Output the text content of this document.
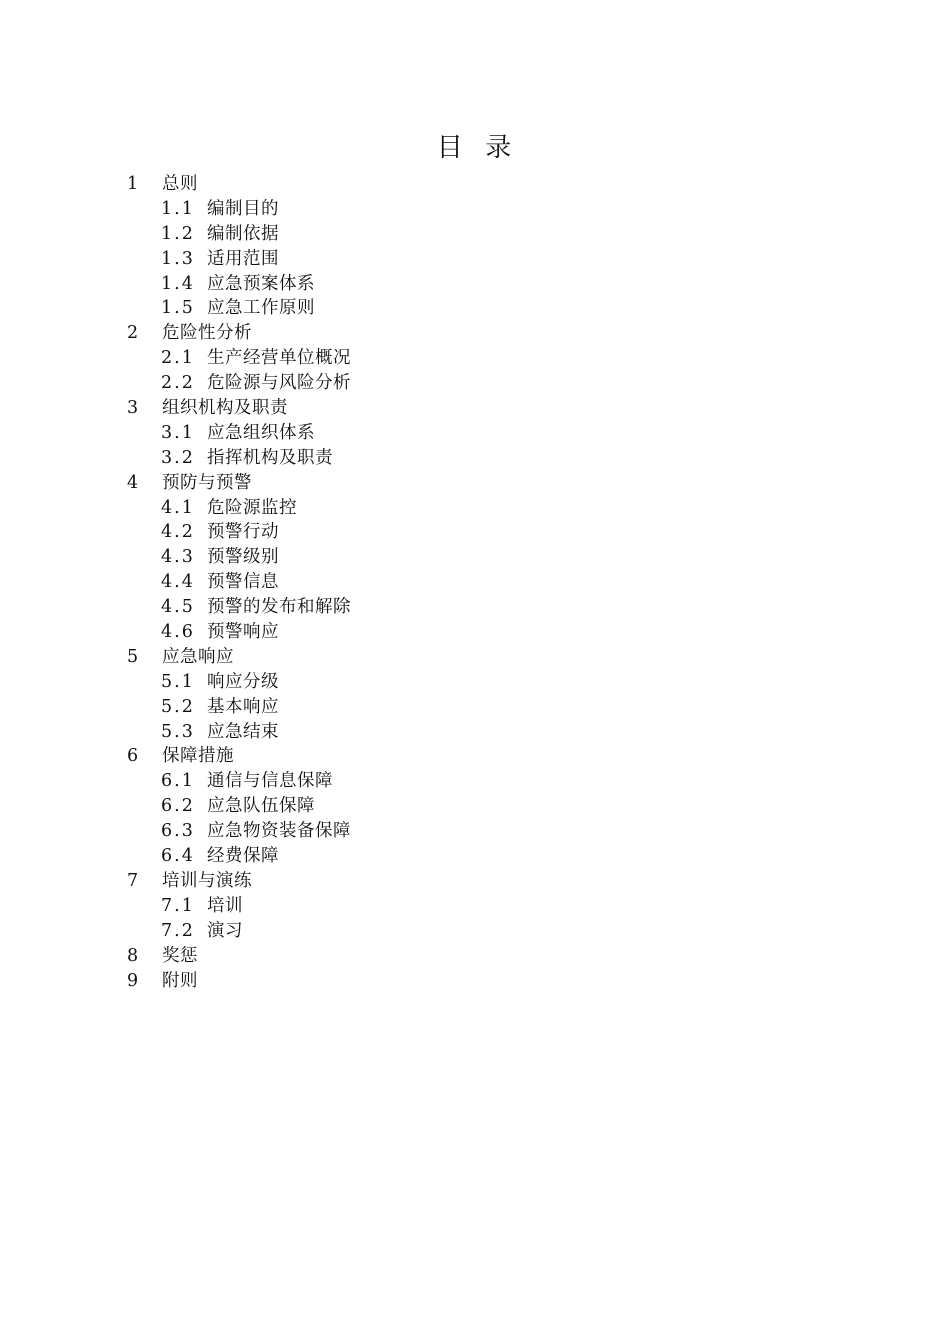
目  录
1	总则
1.1 编制目的
1.2 编制依据
1.3 适用范围
1.4 应急预案体系
1.5 应急工作原则
2	危险性分析
2.1 生产经营单位概况
2.2 危险源与风险分析
3	组织机构及职责
3.1 应急组织体系
3.2 指挥机构及职责
4	预防与预警
4.1 危险源监控
4.2 预警行动
4.3 预警级别
4.4 预警信息
4.5 预警的发布和解除
4.6 预警响应
5	应急响应
5.1 响应分级
5.2 基本响应
5.3 应急结束
6	保障措施
6.1 通信与信息保障
6.2 应急队伍保障
6.3 应急物资装备保障
6.4 经费保障
7	培训与演练
7.1 培训
7.2 演习
8	奖惩
9	附则
